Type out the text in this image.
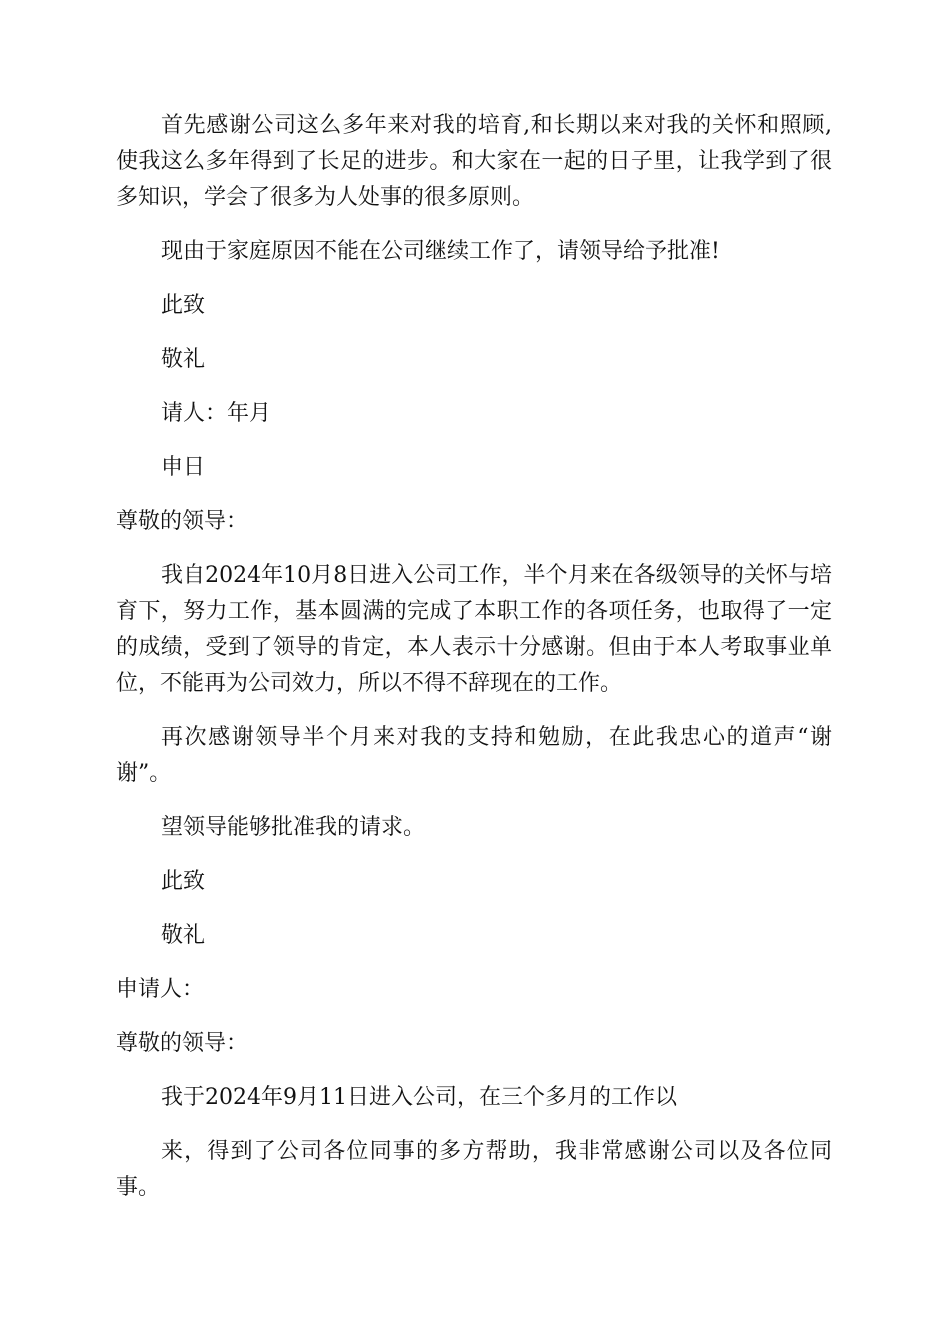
首先感谢公司这么多年来对我的培育,和长期以来对我的关怀和照顾,使我这么多年得到了长足的进步。和大家在一起的日子里，让我学到了很多知识，学会了很多为人处事的很多原则。

现由于家庭原因不能在公司继续工作了，请领导给予批准!

此致

敬礼

请人：年月

申日

尊敬的领导：

我自2024年10月8日进入公司工作，半个月来在各级领导的关怀与培育下，努力工作，基本圆满的完成了本职工作的各项任务，也取得了一定的成绩，受到了领导的肯定，本人表示十分感谢。但由于本人考取事业单位，不能再为公司效力，所以不得不辞现在的工作。

再次感谢领导半个月来对我的支持和勉励，在此我忠心的道声“谢谢”。

望领导能够批准我的请求。

此致

敬礼

申请人：

尊敬的领导：

我于2024年9月11日进入公司，在三个多月的工作以

来，得到了公司各位同事的多方帮助，我非常感谢公司以及各位同事。
